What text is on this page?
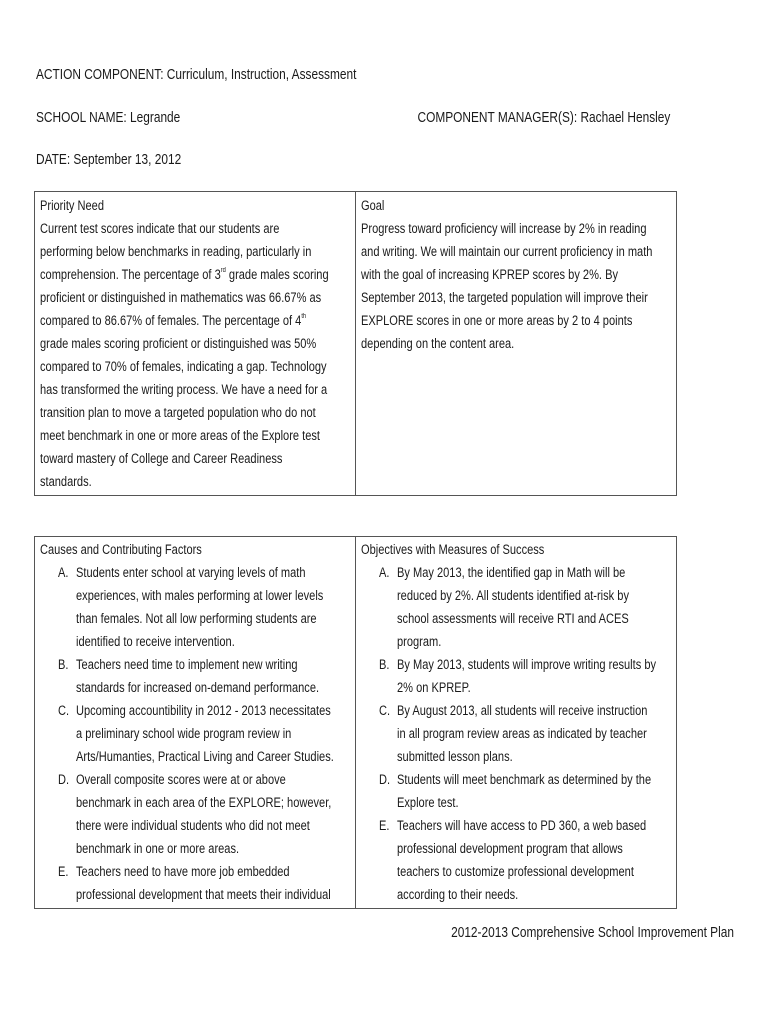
ACTION COMPONENT: Curriculum, Instruction, Assessment
SCHOOL NAME: Legrande	COMPONENT MANAGER(S): Rachael Hensley
DATE: September 13, 2012
Priority Need
Current test scores indicate that our students are
performing below benchmarks in reading, particularly in
comprehension. The percentage of 3rd grade males scoring
proficient or distinguished in mathematics was 66.67% as
compared to 86.67% of females. The percentage of 4th
grade males scoring proficient or distinguished was 50%
compared to 70% of females, indicating a gap. Technology
has transformed the writing process. We have a need for a
transition plan to move a targeted population who do not
meet benchmark in one or more areas of the Explore test
toward mastery of College and Career Readiness
standards.

Goal
Progress toward proficiency will increase by 2% in reading
and writing. We will maintain our current proficiency in math
with the goal of increasing KPREP scores by 2%. By
September 2013, the targeted population will improve their
EXPLORE scores in one or more areas by 2 to 4 points
depending on the content area.
Causes and Contributing Factors
A. Students enter school at varying levels of math
experiences, with males performing at lower levels
than females. Not all low performing students are
identified to receive intervention.
B. Teachers need time to implement new writing
standards for increased on-demand performance.
C. Upcoming accountibility in 2012 - 2013 necessitates
a preliminary school wide program review in
Arts/Humanties, Practical Living and Career Studies.
D. Overall composite scores were at or above
benchmark in each area of the EXPLORE; however,
there were individual students who did not meet
benchmark in one or more areas.
E. Teachers need to have more job embedded
professional development that meets their individual

Objectives with Measures of Success
A. By May 2013, the identified gap in Math will be
reduced by 2%. All students identified at-risk by
school assessments will receive RTI and ACES
program.
B. By May 2013, students will improve writing results by
2% on KPREP.
C. By August 2013, all students will receive instruction
in all program review areas as indicated by teacher
submitted lesson plans.
D. Students will meet benchmark as determined by the
Explore test.
E. Teachers will have access to PD 360, a web based
professional development program that allows
teachers to customize professional development
according to their needs.
2012-2013 Comprehensive School Improvement Plan
